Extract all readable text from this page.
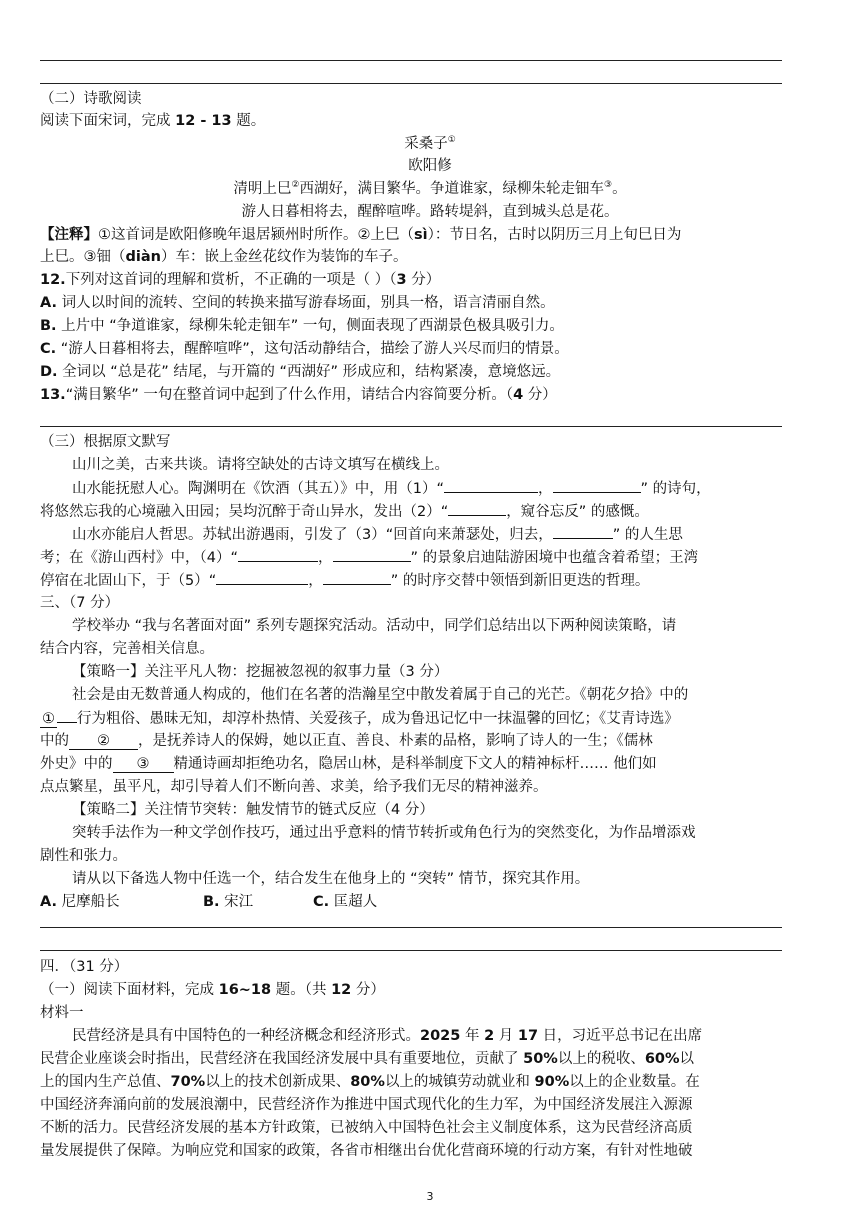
（二）诗歌阅读
阅读下面宋词，完成 12 - 13 题。
采桑子①
欧阳修
清明上巳②西湖好，满目繁华。争道谁家，绿柳朱轮走钿车③。
游人日暮相将去，醒醉喧哗。路转堤斜，直到城头总是花。
【注释】①这首词是欧阳修晚年退居颍州时所作。②上巳（sì）：节日名，古时以阴历三月上旬巳日为
上巳。③钿（diàn）车：嵌上金丝花纹作为装饰的车子。
12.下列对这首词的理解和赏析，不正确的一项是（ ）（3 分）
A. 词人以时间的流转、空间的转换来描写游春场面，别具一格，语言清丽自然。
B. 上片中 “争道谁家，绿柳朱轮走钿车” 一句，侧面表现了西湖景色极具吸引力。
C. “游人日暮相将去，醒醉喧哗”，这句活动静结合，描绘了游人兴尽而归的情景。
D. 全词以 “总是花” 结尾，与开篇的 “西湖好” 形成应和，结构紧凑，意境悠远。
13.“满目繁华” 一句在整首词中起到了什么作用，请结合内容简要分析。（4 分）
（三）根据原文默写
山川之美，古来共谈。请将空缺处的古诗文填写在横线上。
山水能抚慰人心。陶渊明在《饮酒（其五）》中，用（1）“	，	” 的诗句，
将悠然忘我的心境融入田园；吴均沉醉于奇山异水，发出（2）“	，窥谷忘反” 的感慨。
山水亦能启人哲思。苏轼出游遇雨，引发了（3）“回首向来萧瑟处，归去，	” 的人生思
考；在《游山西村》中，（4）“	，	” 的景象启迪陆游困境中也蕴含着希望；王湾
停宿在北固山下，于（5）“	，	” 的时序交替中领悟到新旧更迭的哲理。
三、（7 分）
学校举办 “我与名著面对面” 系列专题探究活动。活动中，同学们总结出以下两种阅读策略，请
结合内容，完善相关信息。
【策略一】关注平凡人物：挖掘被忽视的叙事力量（3 分）
社会是由无数普通人构成的，他们在名著的浩瀚星空中散发着属于自己的光芒。《朝花夕拾》中的
① 行为粗俗、愚昧无知，却淳朴热情、关爱孩子，成为鲁迅记忆中一抹温馨的回忆；《艾青诗选》
中的 ② ，是抚养诗人的保姆，她以正直、善良、朴素的品格，影响了诗人的一生；《儒林
外史》中的 ③ 精通诗画却拒绝功名，隐居山林，是科举制度下文人的精神标杆…… 他们如
点点繁星，虽平凡，却引导着人们不断向善、求美，给予我们无尽的精神滋养。
【策略二】关注情节突转：触发情节的链式反应（4 分）
突转手法作为一种文学创作技巧，通过出乎意料的情节转折或角色行为的突然变化，为作品增添戏
剧性和张力。
请从以下备选人物中任选一个，结合发生在他身上的 “突转” 情节，探究其作用。
A. 尼摩船长	B. 宋江	C. 匡超人
四．（31 分）
（一）阅读下面材料，完成 16~18 题。（共 12 分）
材料一
民营经济是具有中国特色的一种经济概念和经济形式。2025 年 2 月 17 日，习近平总书记在出席
民营企业座谈会时指出，民营经济在我国经济发展中具有重要地位，贡献了 50%以上的税收、60%以
上的国内生产总值、70%以上的技术创新成果、80%以上的城镇劳动就业和 90%以上的企业数量。在
中国经济奔涌向前的发展浪潮中，民营经济作为推进中国式现代化的生力军，为中国经济发展注入源源
不断的活力。民营经济发展的基本方针政策，已被纳入中国特色社会主义制度体系，这为民营经济高质
量发展提供了保障。为响应党和国家的政策，各省市相继出台优化营商环境的行动方案，有针对性地破
3
